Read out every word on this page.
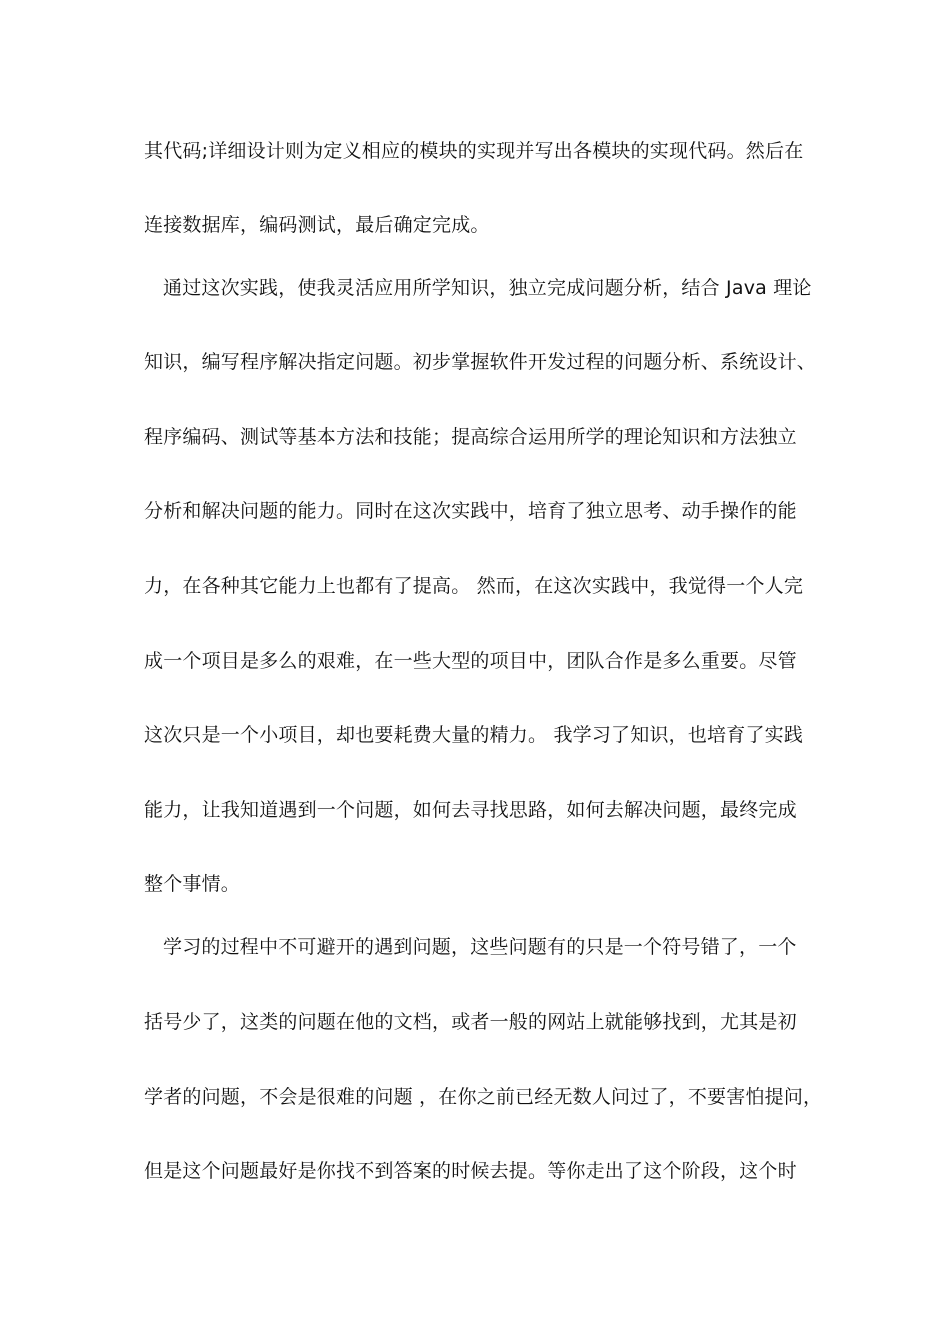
其代码;详细设计则为定义相应的模块的实现并写出各模块的实现代码。然后在
连接数据库，编码测试，最后确定完成。
通过这次实践，使我灵活应用所学知识，独立完成问题分析，结合 Java 理论
知识，编写程序解决指定问题。初步掌握软件开发过程的问题分析、系统设计、
程序编码、测试等基本方法和技能；提高综合运用所学的理论知识和方法独立
分析和解决问题的能力。同时在这次实践中，培育了独立思考、动手操作的能
力，在各种其它能力上也都有了提高。 然而，在这次实践中，我觉得一个人完
成一个项目是多么的艰难，在一些大型的项目中，团队合作是多么重要。尽管
这次只是一个小项目，却也要耗费大量的精力。 我学习了知识，也培育了实践
能力，让我知道遇到一个问题，如何去寻找思路，如何去解决问题，最终完成
整个事情。
学习的过程中不可避开的遇到问题，这些问题有的只是一个符号错了，一个
括号少了，这类的问题在他的文档，或者一般的网站上就能够找到，尤其是初
学者的问题，不会是很难的问题 ，在你之前已经无数人问过了，不要害怕提问，
但是这个问题最好是你找不到答案的时候去提。等你走出了这个阶段，这个时
